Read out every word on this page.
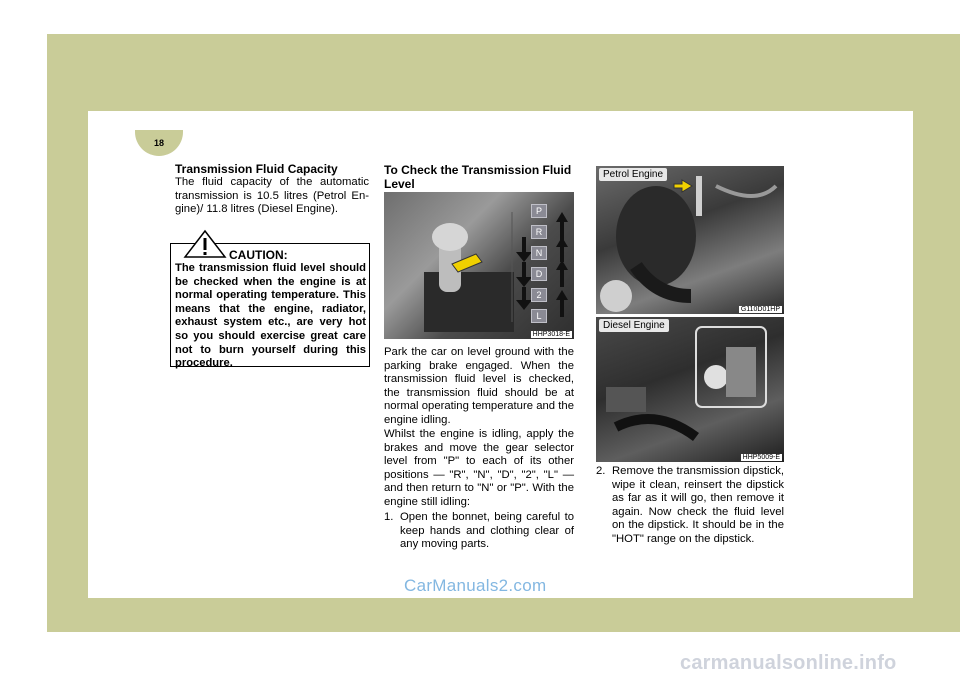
6 OWNER MAINTENANCE
18
Transmission Fluid Capacity
The fluid capacity of the automatic transmission is 10.5 litres (Petrol En- gine)/ 11.8 litres (Diesel Engine).
CAUTION:
The transmission fluid level should be checked when the engine is at normal operating temperature. This means that the engine, radiator, exhaust system etc., are very hot so you should exercise great care not to burn yourself during this procedure.
To Check the Transmission Fluid Level
P
R
N
D
2
L
HHP3018-E
Park the car on level ground with the parking brake engaged. When the transmission fluid level is checked, the transmission fluid should be at normal operating temperature and the engine idling.
Whilst the engine is idling, apply the brakes and move the gear selector level from "P" to each of its other positions — "R", "N", "D", "2", "L" — and then return to "N" or "P". With the engine still idling:
1. Open the bonnet, being careful to keep hands and clothing clear of any moving parts.
Petrol Engine
G110D01HP
Diesel Engine
HHP5009-E
2. Remove the transmission dipstick, wipe it clean, reinsert the dipstick as far as it will go, then remove it again. Now check the fluid level on the dipstick. It should be in the "HOT" range on the dipstick.
CarManuals2.com
carmanualsonline.info
